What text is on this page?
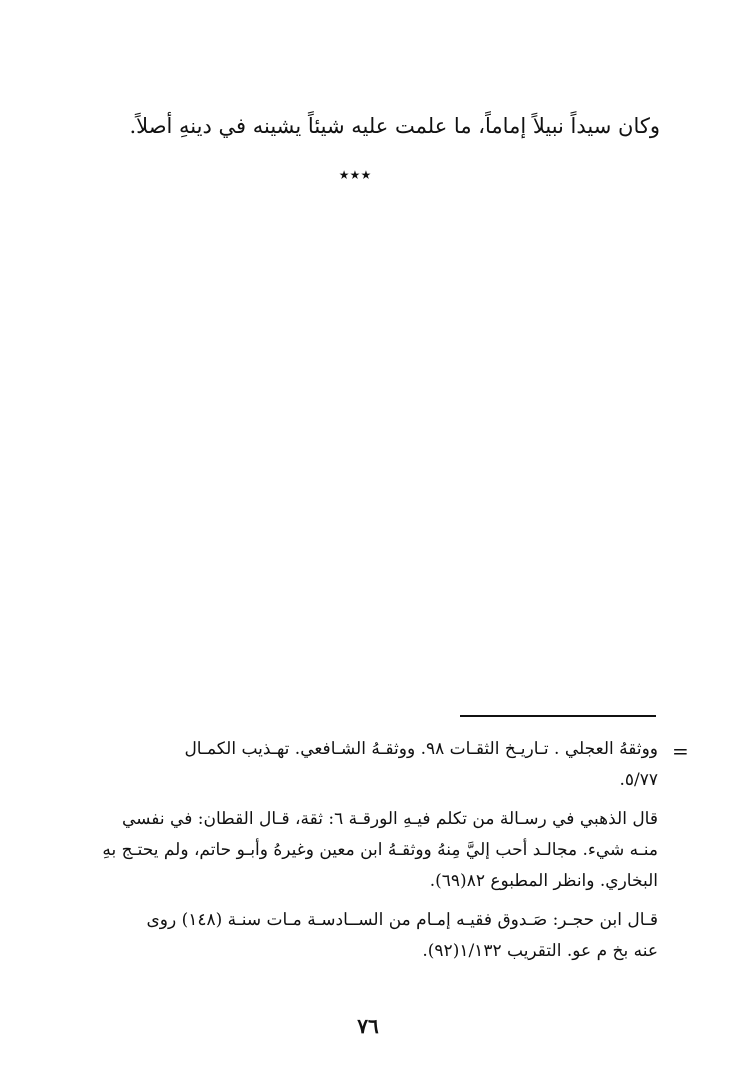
وكان سيداً نبيلاً إماماً، ما علمت عليه شيئاً يشينه في دينهِ أصلاً.

٭٭٭
=
ووثقهُ العجلي . تـاريـخ الثقـات ٩٨. ووثقـهُ الشـافعي. تهـذيب الكمـال
٥/٧٧.
قال الذهبي في رسـالة من تكلم فيـهِ الورقـة ٦: ثقة، قـال القطان: في نفسي
منـه شيء. مجالـد أحب إليَّ مِنهُ ووثقـهُ ابن معين وغيرهُ وأبـو حاتم، ولم يحتـج بهِ
البخاري. وانظر المطبوع ٨٢(٦٩).
قـال ابن حجـر: صَـدوق فقيـه إمـام من الســادسـة مـات سنـة (١٤٨) روى
عنه بخ م عو. التقريب ١/١٣٢(٩٢).
٧٦
